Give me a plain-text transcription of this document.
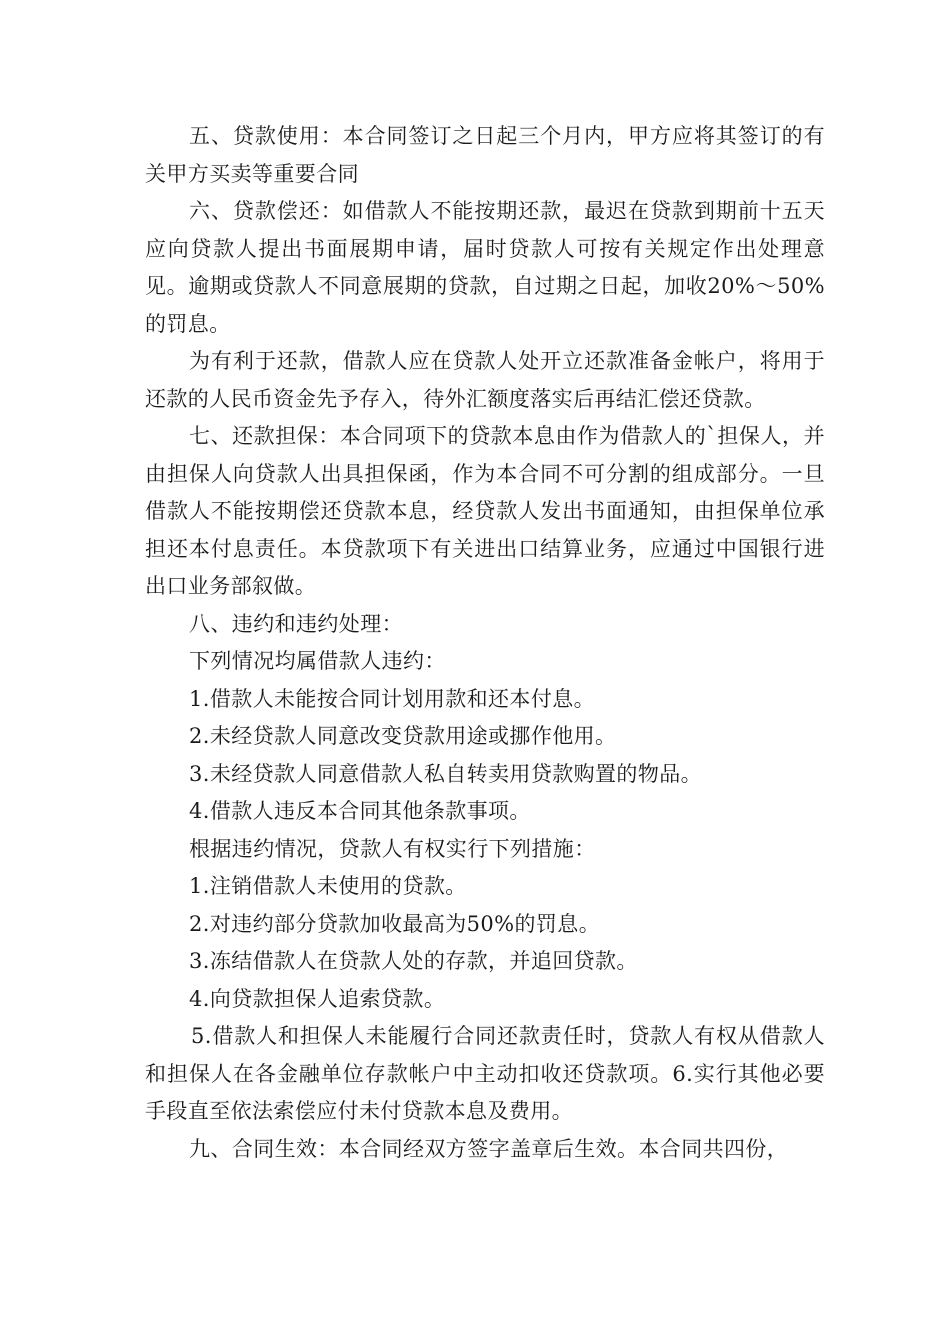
五、贷款使用：本合同签订之日起三个月内，甲方应将其签订的有关甲方买卖等重要合同

六、贷款偿还：如借款人不能按期还款，最迟在贷款到期前十五天应向贷款人提出书面展期申请，届时贷款人可按有关规定作出处理意见。逾期或贷款人不同意展期的贷款，自过期之日起，加收20%～50%的罚息。

为有利于还款，借款人应在贷款人处开立还款准备金帐户，将用于还款的人民币资金先予存入，待外汇额度落实后再结汇偿还贷款。

七、还款担保：本合同项下的贷款本息由作为借款人的`担保人，并由担保人向贷款人出具担保函，作为本合同不可分割的组成部分。一旦借款人不能按期偿还贷款本息，经贷款人发出书面通知，由担保单位承担还本付息责任。本贷款项下有关进出口结算业务，应通过中国银行进出口业务部叙做。

八、违约和违约处理：

下列情况均属借款人违约：

1.借款人未能按合同计划用款和还本付息。

2.未经贷款人同意改变贷款用途或挪作他用。

3.未经贷款人同意借款人私自转卖用贷款购置的物品。

4.借款人违反本合同其他条款事项。

根据违约情况，贷款人有权实行下列措施：

1.注销借款人未使用的贷款。

2.对违约部分贷款加收最高为50%的罚息。

3.冻结借款人在贷款人处的存款，并追回贷款。

4.向贷款担保人追索贷款。

5.借款人和担保人未能履行合同还款责任时，贷款人有权从借款人和担保人在各金融单位存款帐户中主动扣收还贷款项。6.实行其他必要手段直至依法索偿应付未付贷款本息及费用。

九、合同生效：本合同经双方签字盖章后生效。本合同共四份，
